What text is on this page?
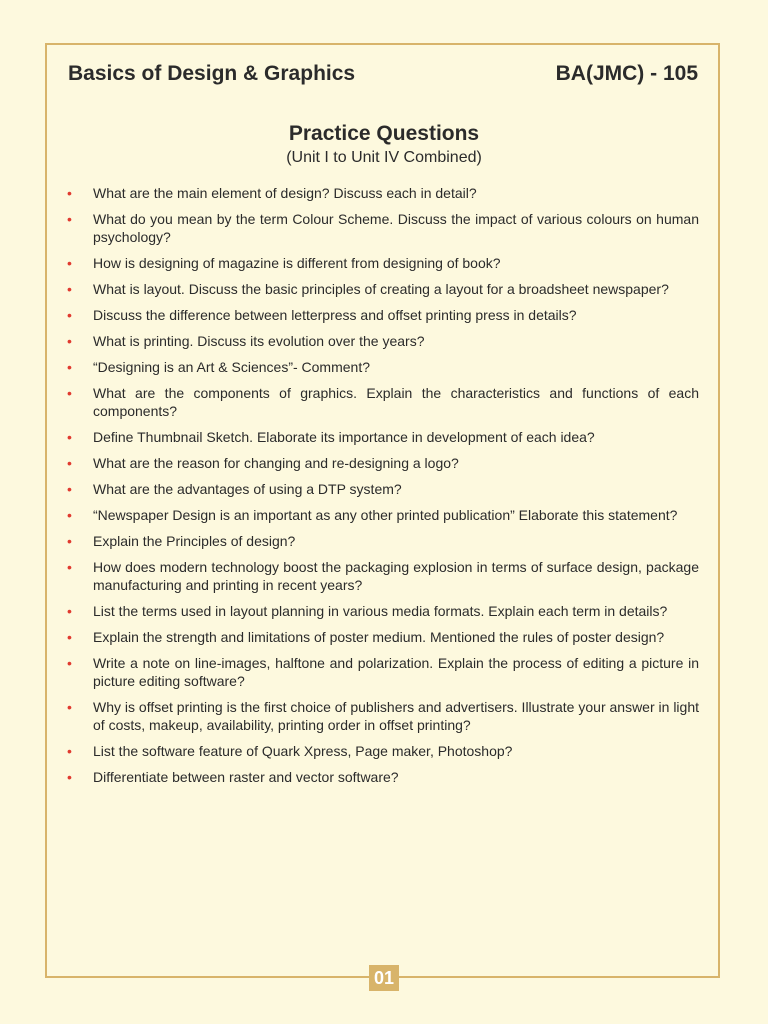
Basics of Design & Graphics	BA(JMC) - 105

Practice Questions

(Unit I to Unit IV Combined)

• What are the main element of design? Discuss each in detail?
• What do you mean by the term Colour Scheme. Discuss the impact of various colours on human psychology?
• How is designing of magazine is different from designing of book?
• What is layout. Discuss the basic principles of creating a layout for a broadsheet newspaper?
• Discuss the difference between letterpress and offset printing press in details?
• What is printing. Discuss its evolution over the years?
• “Designing is an Art & Sciences”- Comment?
• What are the components of graphics. Explain the characteristics and functions of each components?
• Define Thumbnail Sketch. Elaborate its importance in development of each idea?
• What are the reason for changing and re-designing a logo?
• What are the advantages of using a DTP system?
• “Newspaper Design is an important as any other printed publication” Elaborate this statement?
• Explain the Principles of design?
• How does modern technology boost the packaging explosion in terms of surface design, package manufacturing and printing in recent years?
• List the terms used in layout planning in various media formats. Explain each term in details?
• Explain the strength and limitations of poster medium. Mentioned the rules of poster design?
• Write a note on line-images, halftone and polarization. Explain the process of editing a picture in picture editing software?
• Why is offset printing is the first choice of publishers and advertisers. Illustrate your answer in light of costs, makeup, availability, printing order in offset printing?
• List the software feature of Quark Xpress, Page maker, Photoshop?
• Differentiate between raster and vector software?
01
